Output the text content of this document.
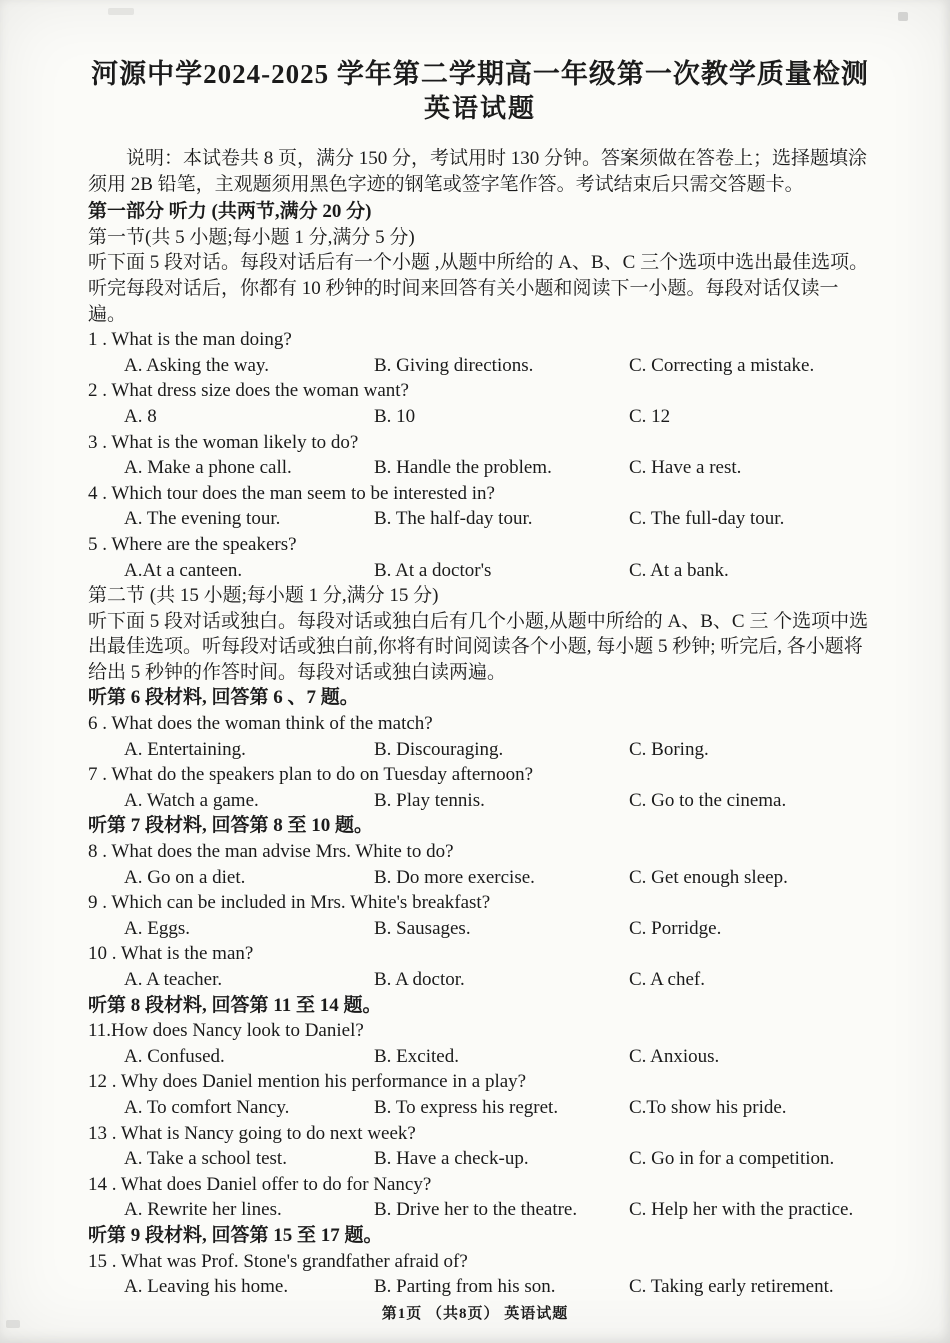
河源中学2024-2025 学年第二学期高一年级第一次教学质量检测
英语试题
说明：本试卷共 8 页，满分 150 分，考试用时 130 分钟。答案须做在答卷上；选择题填涂须用 2B 铅笔，主观题须用黑色字迹的钢笔或签字笔作答。考试结束后只需交答题卡。
第一部分 听力 (共两节,满分 20 分)
第一节(共 5 小题;每小题 1 分,满分 5 分)
听下面 5 段对话。每段对话后有一个小题 ,从题中所给的 A、B、C 三个选项中选出最佳选项。听完每段对话后，你都有 10 秒钟的时间来回答有关小题和阅读下一小题。每段对话仅读一遍。
1 . What is the man doing?
A. Asking the way.	B. Giving directions.	C. Correcting a mistake.
2 . What dress size does the woman want?
A. 8	B. 10	C. 12
3 . What is the woman likely to do?
A. Make a phone call.	B. Handle the problem.	C. Have a rest.
4 . Which tour does the man seem to be interested in?
A. The evening tour.	B. The half-day tour.	C. The full-day tour.
5 . Where are the speakers?
A.At a canteen.	B. At a doctor's	C. At a bank.
第二节 (共 15 小题;每小题 1 分,满分 15 分)
听下面 5 段对话或独白。每段对话或独白后有几个小题,从题中所给的 A、B、C 三 个选项中选出最佳选项。听每段对话或独白前,你将有时间阅读各个小题, 每小题 5 秒钟; 听完后, 各小题将给出 5 秒钟的作答时间。每段对话或独白读两遍。
听第 6 段材料, 回答第 6 、7 题。
6 . What does the woman think of the match?
A. Entertaining.	B. Discouraging.	C. Boring.
7 . What do the speakers plan to do on Tuesday afternoon?
A. Watch a game.	B. Play tennis.	C. Go to the cinema.
听第 7 段材料, 回答第 8 至 10 题。
8 . What does the man advise Mrs. White to do?
A. Go on a diet.	B. Do more exercise.	C. Get enough sleep.
9 . Which can be included in Mrs. White's breakfast?
A. Eggs.	B. Sausages.	C. Porridge.
10 . What is the man?
A. A teacher.	B. A doctor.	C. A chef.
听第 8 段材料, 回答第 11 至 14 题。
11.How does Nancy look to Daniel?
A. Confused.	B. Excited.	C. Anxious.
12 . Why does Daniel mention his performance in a play?
A. To comfort Nancy.	B. To express his regret.	C.To show his pride.
13 . What is Nancy going to do next week?
A. Take a school test.	B. Have a check-up.	C. Go in for a competition.
14 . What does Daniel offer to do for Nancy?
A. Rewrite her lines.	B. Drive her to the theatre.	C. Help her with the practice.
听第 9 段材料, 回答第 15 至 17 题。
15 . What was Prof. Stone's grandfather afraid of?
A. Leaving his home.	B. Parting from his son.	C. Taking early retirement.
第1页 （共8页） 英语试题
